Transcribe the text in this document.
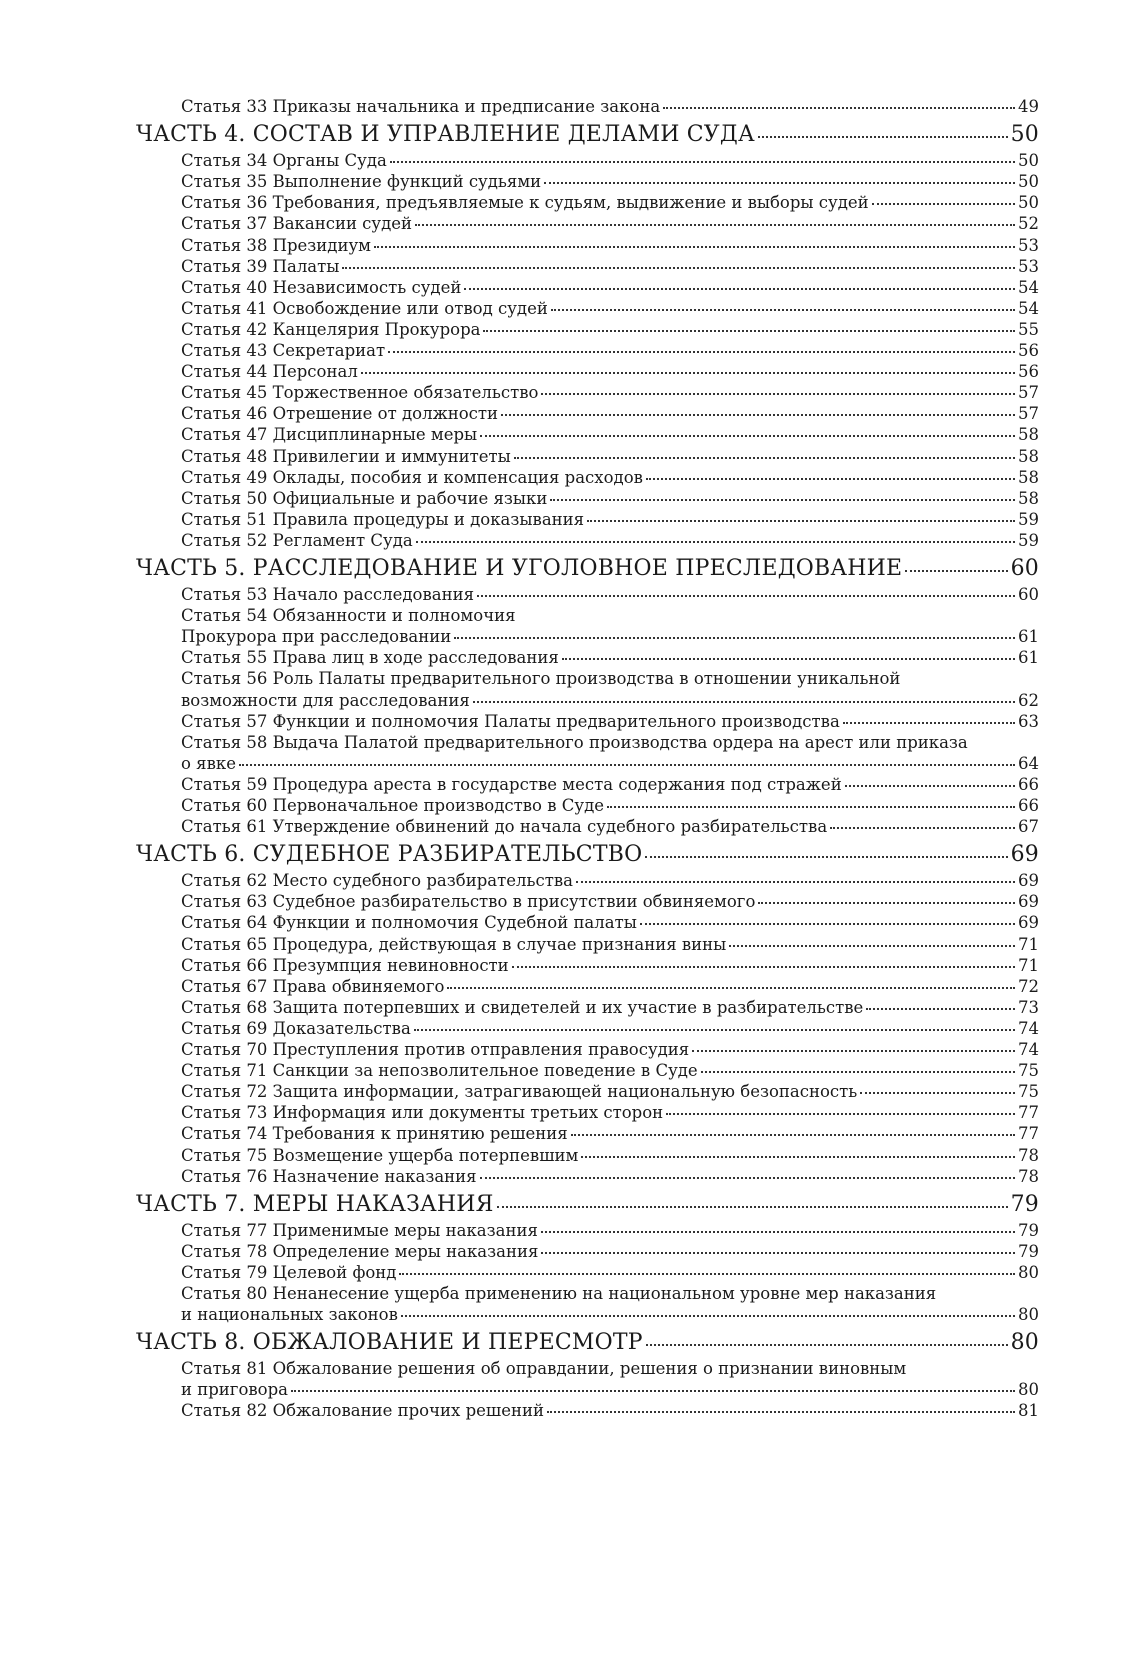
Статья 33 Приказы начальника и предписание закона	49
ЧАСТЬ 4. СОСТАВ И УПРАВЛЕНИЕ ДЕЛАМИ СУДА	50
Статья 34 Органы Суда	50
Статья 35 Выполнение функций судьями	50
Статья 36 Требования, предъявляемые к судьям, выдвижение и выборы судей	50
Статья 37 Вакансии судей	52
Статья 38 Президиум	53
Статья 39 Палаты	53
Статья 40 Независимость судей	54
Статья 41 Освобождение или отвод судей	54
Статья 42 Канцелярия Прокурора	55
Статья 43 Секретариат	56
Статья 44 Персонал	56
Статья 45 Торжественное обязательство	57
Статья 46 Отрешение от должности	57
Статья 47 Дисциплинарные меры	58
Статья 48 Привилегии и иммунитеты	58
Статья 49 Оклады, пособия и компенсация расходов	58
Статья 50 Официальные и рабочие языки	58
Статья 51 Правила процедуры и доказывания	59
Статья 52 Регламент Суда	59
ЧАСТЬ 5. РАССЛЕДОВАНИЕ И УГОЛОВНОЕ ПРЕСЛЕДОВАНИЕ	60
Статья 53 Начало расследования	60
Статья 54 Обязанности и полномочия
Прокурора при расследовании	61
Статья 55 Права лиц в ходе расследования	61
Статья 56 Роль Палаты предварительного производства в отношении уникальной
возможности для расследования	62
Статья 57 Функции и полномочия Палаты предварительного производства	63
Статья 58 Выдача Палатой предварительного производства ордера на арест или приказа
о явке	64
Статья 59 Процедура ареста в государстве места содержания под стражей	66
Статья 60 Первоначальное производство в Суде	66
Статья 61 Утверждение обвинений до начала судебного разбирательства	67
ЧАСТЬ 6. СУДЕБНОЕ РАЗБИРАТЕЛЬСТВО	69
Статья 62 Место судебного разбирательства	69
Статья 63 Судебное разбирательство в присутствии обвиняемого	69
Статья 64 Функции и полномочия Судебной палаты	69
Статья 65 Процедура, действующая в случае признания вины	71
Статья 66 Презумпция невиновности	71
Статья 67 Права обвиняемого	72
Статья 68 Защита потерпевших и свидетелей и их участие в разбирательстве	73
Статья 69 Доказательства	74
Статья 70 Преступления против отправления правосудия	74
Статья 71 Санкции за непозволительное поведение в Суде	75
Статья 72 Защита информации, затрагивающей национальную безопасность	75
Статья 73 Информация или документы третьих сторон	77
Статья 74 Требования к принятию решения	77
Статья 75 Возмещение ущерба потерпевшим	78
Статья 76 Назначение наказания	78
ЧАСТЬ 7. МЕРЫ НАКАЗАНИЯ	79
Статья 77 Применимые меры наказания	79
Статья 78 Определение меры наказания	79
Статья 79 Целевой фонд	80
Статья 80 Ненанесение ущерба применению на национальном уровне мер наказания
и национальных законов	80
ЧАСТЬ 8. ОБЖАЛОВАНИЕ И ПЕРЕСМОТР	80
Статья 81 Обжалование решения об оправдании, решения о признании виновным
и приговора	80
Статья 82 Обжалование прочих решений	81
